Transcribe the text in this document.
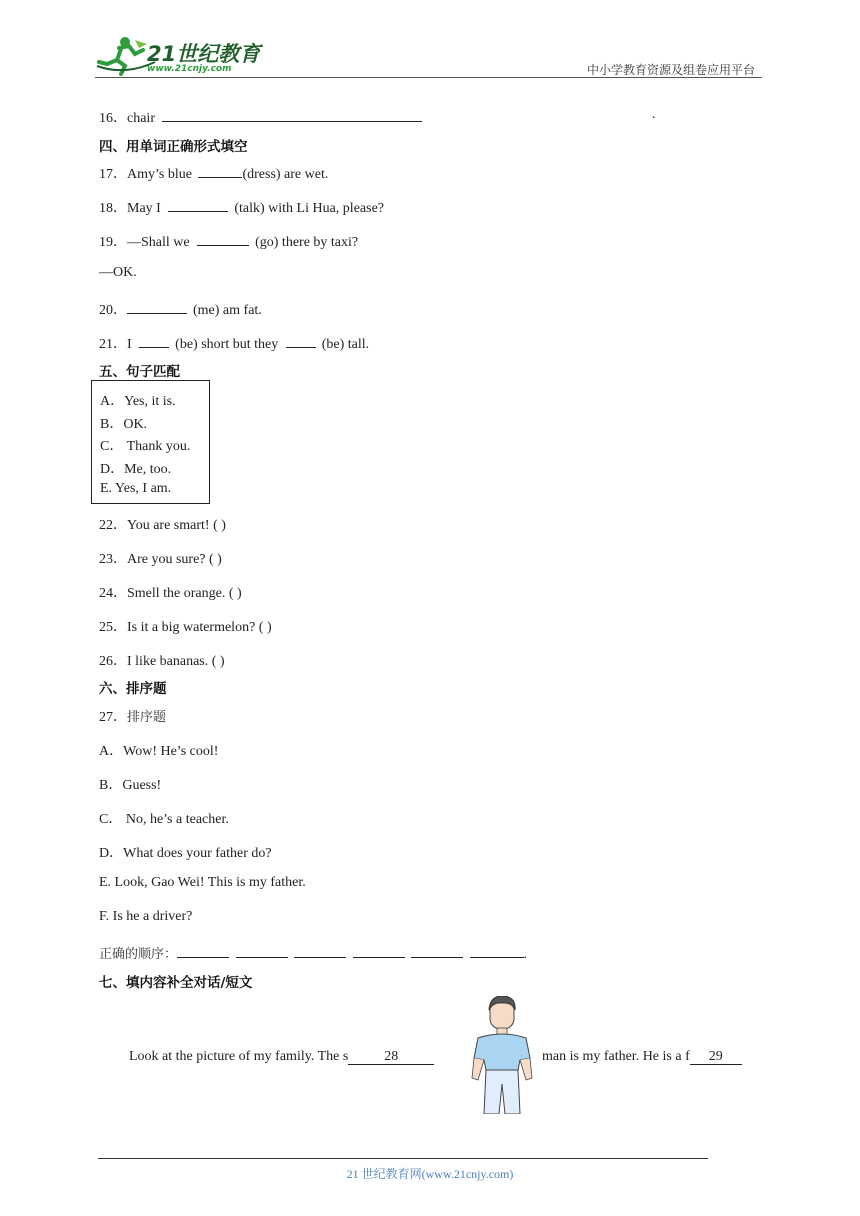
21世纪教育
www.21cnjy.com	中小学教育资源及组卷应用平台
16．chair	.
四、用单词正确形式填空
17．Amy’s blue	(dress) are wet.
18．May I	(talk) with Li Hua, please?
19．—Shall we	(go) there by taxi?
—OK.
20．	(me) am fat.
21．I	(be) short but they	(be) tall.
五、句子匹配
A．Yes, it is.
B．OK.
C． Thank you.
D．Me, too.
E. Yes, I am.
22．You are smart! ( )
23．Are you sure? ( )
24．Smell the orange. ( )
25．Is it a big watermelon? ( )
26．I like bananas. ( )
六、排序题
27．排序题
A．Wow! He’s cool!
B．Guess!
C． No, he’s a teacher.
D．What does your father do?
E. Look, Gao Wei! This is my father.
F. Is he a driver?
正确的顺序：	.
七、填内容补全对话/短文
Look at the picture of my family. The s	28	man is my father. He is a f 29
21 世纪教育网(www.21cnjy.com)
